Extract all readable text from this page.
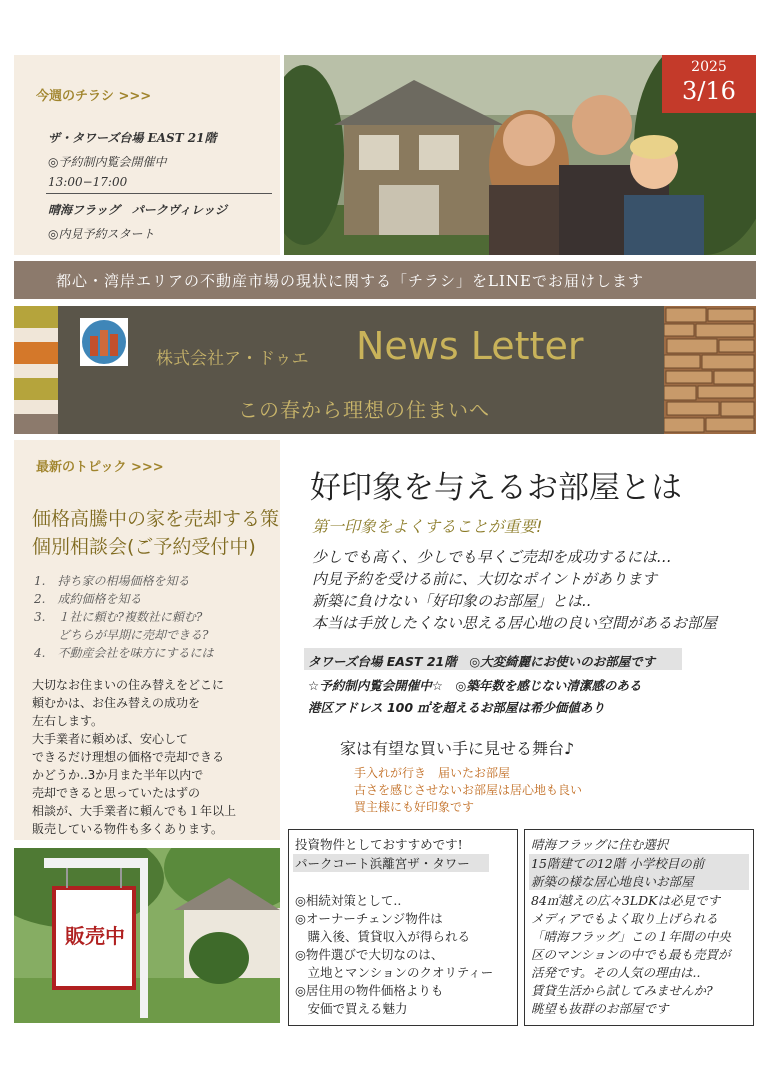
今週のチラシ >>>
ザ・タワーズ台場 EAST 21階
◎予約制内覧会開催中
13:00−17:00
晴海フラッグ　パークヴィレッジ
◎内見予約スタート
2025
3/16
都心・湾岸エリアの不動産市場の現状に関する「チラシ」をLINEでお届けします
株式会社ア・ドゥエ News Letter
この春から理想の住まいへ
最新のトピック >>>
価格高騰中の家を売却する策
個別相談会(ご予約受付中)
1.　持ち家の相場価格を知る
2.　成約価格を知る
3.　１社に頼む?複数社に頼む?
　　どちらが早期に売却できる?
4.　不動産会社を味方にするには
大切なお住まいの住み替えをどこに
頼むかは、お住み替えの成功を
左右します。
大手業者に頼めば、安心して
できるだけ理想の価格で売却できる
かどうか..3か月また半年以内で
売却できると思っていたはずの
相談が、大手業者に頼んでも１年以上
販売している物件も多くあります。
販売中
好印象を与えるお部屋とは
第一印象をよくすることが重要!
少しでも高く、少しでも早くご売却を成功するには…
内見予約を受ける前に、大切なポイントがあります
新築に負けない「好印象のお部屋」とは..
本当は手放したくない思える居心地の良い空間があるお部屋
タワーズ台場 EAST 21階　◎大変綺麗にお使いのお部屋です
☆予約制内覧会開催中☆　◎築年数を感じない清潔感のある
港区アドレス 100 ㎡を超えるお部屋は希少価値あり
家は有望な買い手に見せる舞台♪
手入れが行き　届いたお部屋
古さを感じさせないお部屋は居心地も良い
買主様にも好印象です
投資物件としておすすめです!
パークコート浜離宮ザ・タワー
◎相続対策として..
◎オーナーチェンジ物件は
　購入後、賃貸収入が得られる
◎物件選びで大切なのは、
　立地とマンションのクオリティー
◎居住用の物件価格よりも
　安価で買える魅力
晴海フラッグに住む選択
15階建ての12階 小学校目の前
新築の様な居心地良いお部屋
84㎡越えの広々3LDKは必見です
メディアでもよく取り上げられる
「晴海フラッグ」この１年間の中央
区のマンションの中でも最も売買が
活発です。その人気の理由は..
賃貸生活から試してみませんか?
眺望も抜群のお部屋です
